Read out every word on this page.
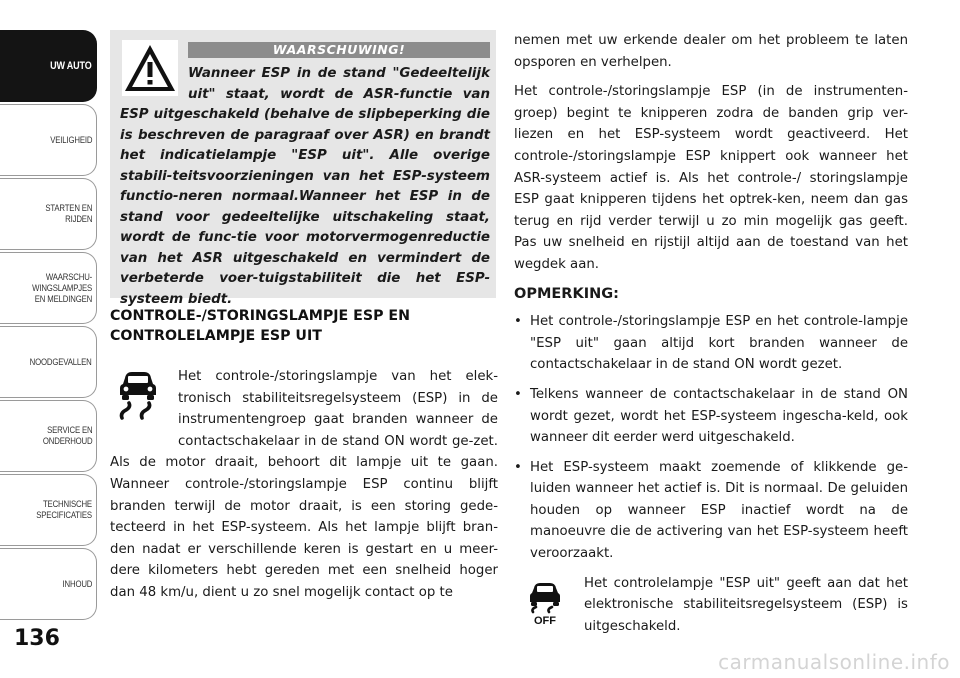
UW AUTO
VEILIGHEID
STARTEN EN
RIJDEN
WAARSCHU-
WINGSLAMPJES
EN MELDINGEN
NOODGEVALLEN
SERVICE EN
ONDERHOUD
TECHNISCHE
SPECIFICATIES
INHOUD
136
WAARSCHUWING!
Wanneer ESP in de stand "Gedeeltelijk uit" staat, wordt de ASR-functie van ESP uitgeschakeld (behalve de slipbeperking die is beschreven de paragraaf over ASR) en brandt het indicatielampje "ESP uit". Alle overige stabili-teitsvoorzieningen van het ESP-systeem functio-neren normaal.Wanneer het ESP in de stand voor gedeeltelijke uitschakeling staat, wordt de func-tie voor motorvermogenreductie van het ASR uitgeschakeld en vermindert de verbeterde voer-tuigstabiliteit die het ESP-systeem biedt.
CONTROLE-/STORINGSLAMPJE ESP EN
CONTROLELAMPJE ESP UIT
Het controle-/storingslampje van het elek-tronisch stabiliteitsregelsysteem (ESP) in de instrumentengroep gaat branden wanneer de contactschakelaar in de stand ON wordt ge-zet. Als de motor draait, behoort dit lampje uit te gaan. Wanneer controle-/storingslampje ESP continu blijft branden terwijl de motor draait, is een storing gede-tecteerd in het ESP-systeem. Als het lampje blijft bran-den nadat er verschillende keren is gestart en u meer-dere kilometers hebt gereden met een snelheid hoger dan 48 km/u, dient u zo snel mogelijk contact op te

nemen met uw erkende dealer om het probleem te laten opsporen en verhelpen.

Het controle-/storingslampje ESP (in de instrumenten-groep) begint te knipperen zodra de banden grip ver-liezen en het ESP-systeem wordt geactiveerd. Het controle-/storingslampje ESP knippert ook wanneer het ASR-systeem actief is. Als het controle-/ storingslampje ESP gaat knipperen tijdens het optrek-ken, neem dan gas terug en rijd verder terwijl u zo min mogelijk gas geeft. Pas uw snelheid en rijstijl altijd aan de toestand van het wegdek aan.

OPMERKING:
• Het controle-/storingslampje ESP en het controle-lampje "ESP uit" gaan altijd kort branden wanneer de contactschakelaar in de stand ON wordt gezet.
• Telkens wanneer de contactschakelaar in de stand ON wordt gezet, wordt het ESP-systeem ingescha-keld, ook wanneer dit eerder werd uitgeschakeld.
• Het ESP-systeem maakt zoemende of klikkende ge-luiden wanneer het actief is. Dit is normaal. De geluiden houden op wanneer ESP inactief wordt na de manoeuvre die de activering van het ESP-systeem heeft veroorzaakt.
OFF
Het controlelampje "ESP uit" geeft aan dat het elektronische stabiliteitsregelsysteem (ESP) is uitgeschakeld.
carmanualsonline.info
